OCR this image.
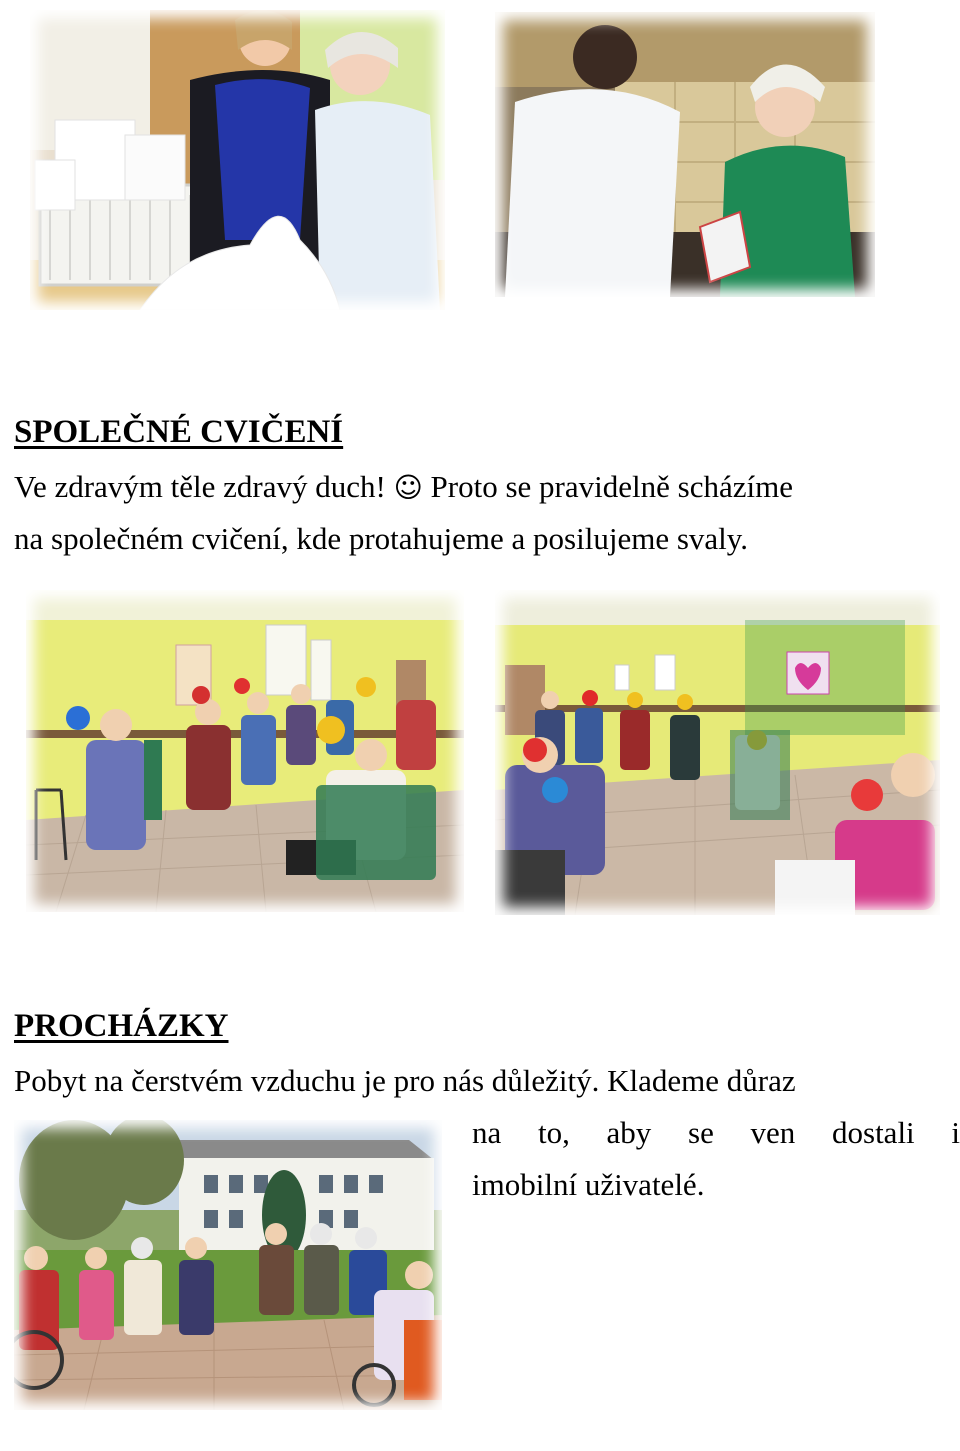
SPOLEČNÉ CVIČENÍ
Ve zdravým těle zdravý duch! ☺ Proto se pravidelně scházíme
na společném cvičení, kde protahujeme a posilujeme svaly.
PROCHÁZKY
Pobyt na čerstvém vzduchu je pro nás důležitý. Klademe důraz
na to, aby se ven dostali i
imobilní uživatelé.
